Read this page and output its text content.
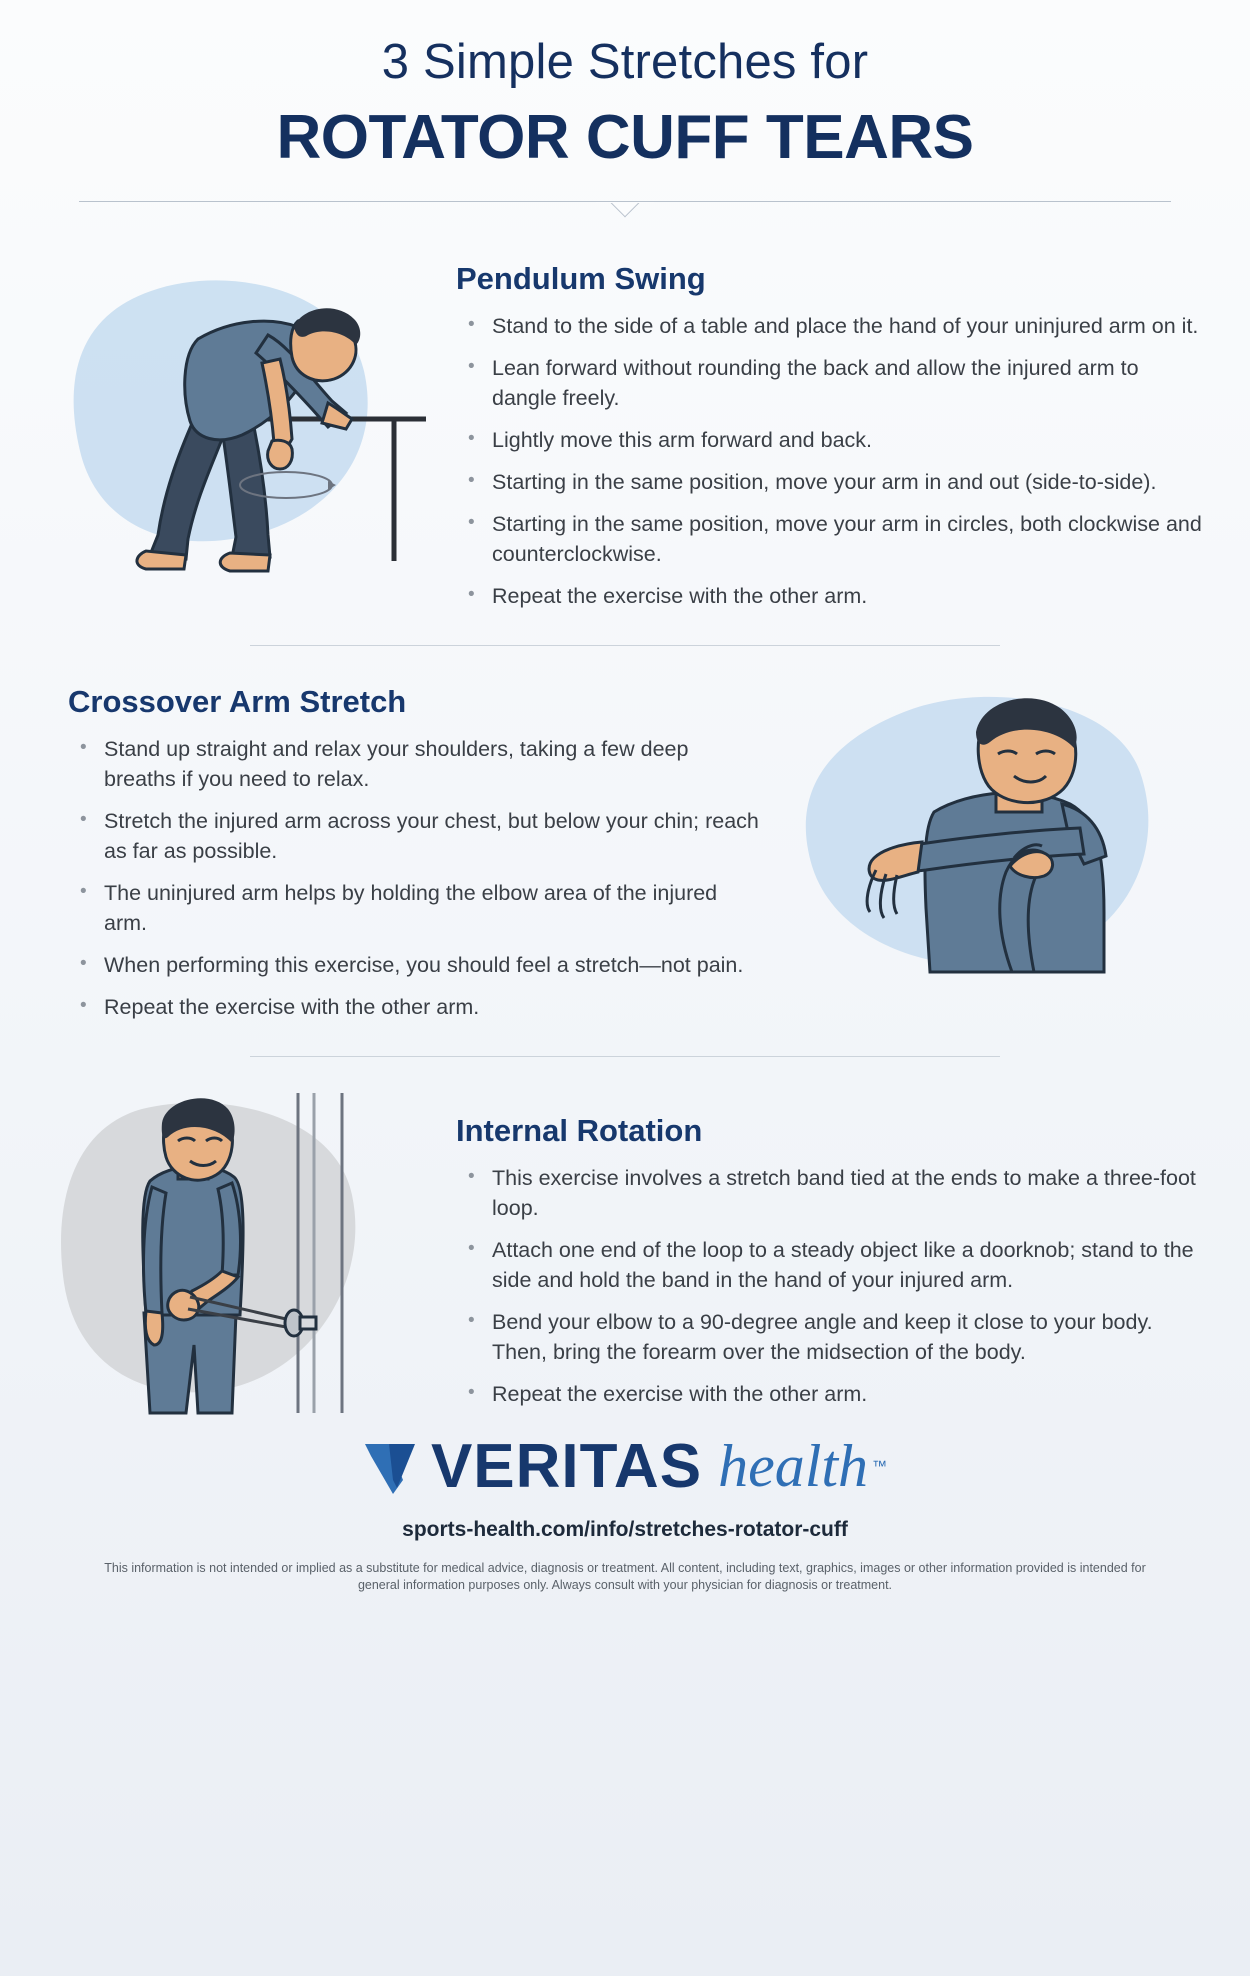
3 Simple Stretches for
ROTATOR CUFF TEARS
Pendulum Swing
• Stand to the side of a table and place the hand of your uninjured arm on it.
• Lean forward without rounding the back and allow the injured arm to dangle freely.
• Lightly move this arm forward and back.
• Starting in the same position, move your arm in and out (side-to-side).
• Starting in the same position, move your arm in circles, both clockwise and counterclockwise.
• Repeat the exercise with the other arm.
Crossover Arm Stretch
• Stand up straight and relax your shoulders, taking a few deep breaths if you need to relax.
• Stretch the injured arm across your chest, but below your chin; reach as far as possible.
• The uninjured arm helps by holding the elbow area of the injured arm.
• When performing this exercise, you should feel a stretch—not pain.
• Repeat the exercise with the other arm.
Internal Rotation
• This exercise involves a stretch band tied at the ends to make a three-foot loop.
• Attach one end of the loop to a steady object like a doorknob; stand to the side and hold the band in the hand of your injured arm.
• Bend your elbow to a 90-degree angle and keep it close to your body. Then, bring the forearm over the midsection of the body.
• Repeat the exercise with the other arm.
VERITAS health ™
sports-health.com/info/stretches-rotator-cuff
This information is not intended or implied as a substitute for medical advice, diagnosis or treatment. All content, including text, graphics, images or other information provided is intended for general information purposes only. Always consult with your physician for diagnosis or treatment.
